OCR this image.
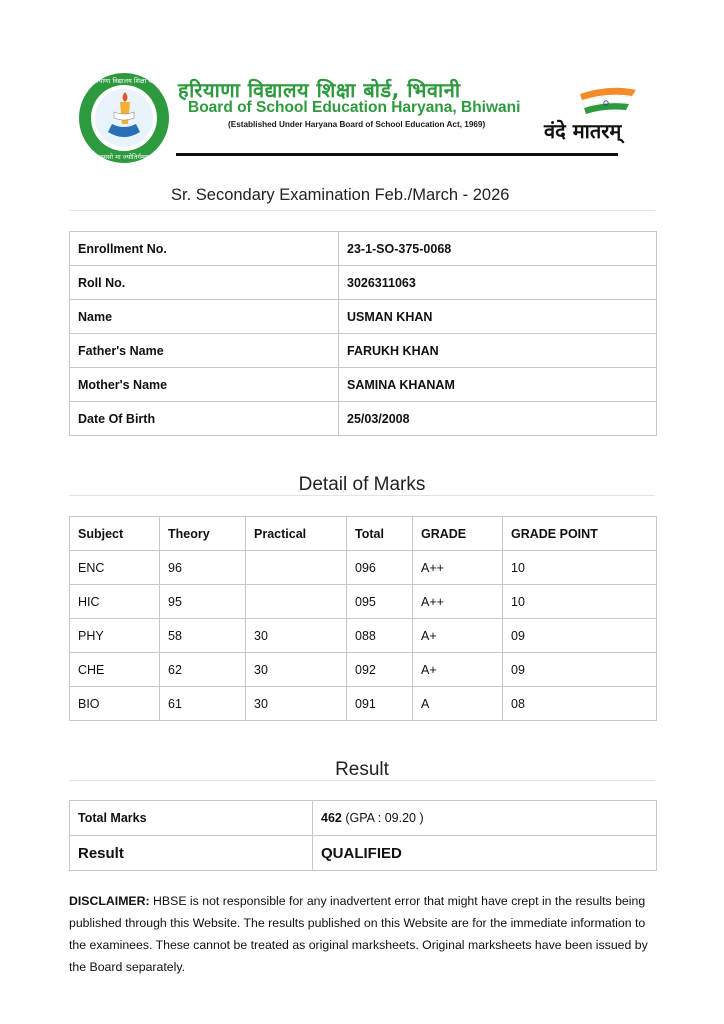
हरियाणा विद्यालय शिक्षा बोर्ड
तमसो मा ज्योतिर्गमय
हरियाणा विद्यालय शिक्षा बोर्ड, भिवानी
Board of School Education Haryana, Bhiwani
(Established Under Haryana Board of School Education Act, 1969)	वंदे मातरम्
Sr. Secondary Examination Feb./March - 2026
Enrollment No.	23-1-SO-375-0068
Roll No.	3026311063
Name	USMAN KHAN
Father's Name	FARUKH KHAN
Mother's Name	SAMINA KHANAM
Date Of Birth	25/03/2008
Detail of Marks
Subject	Theory	Practical	Total	GRADE	GRADE POINT
ENC	96		096	A++	10
HIC	95		095	A++	10
PHY	58	30	088	A+	09
CHE	62	30	092	A+	09
BIO	61	30	091	A	08
Result
Total Marks	462 (GPA : 09.20 )
Result	QUALIFIED
DISCLAIMER: HBSE is not responsible for any inadvertent error that might have crept in the results being published through this Website. The results published on this Website are for the immediate information to the examinees. These cannot be treated as original marksheets. Original marksheets have been issued by the Board separately.
